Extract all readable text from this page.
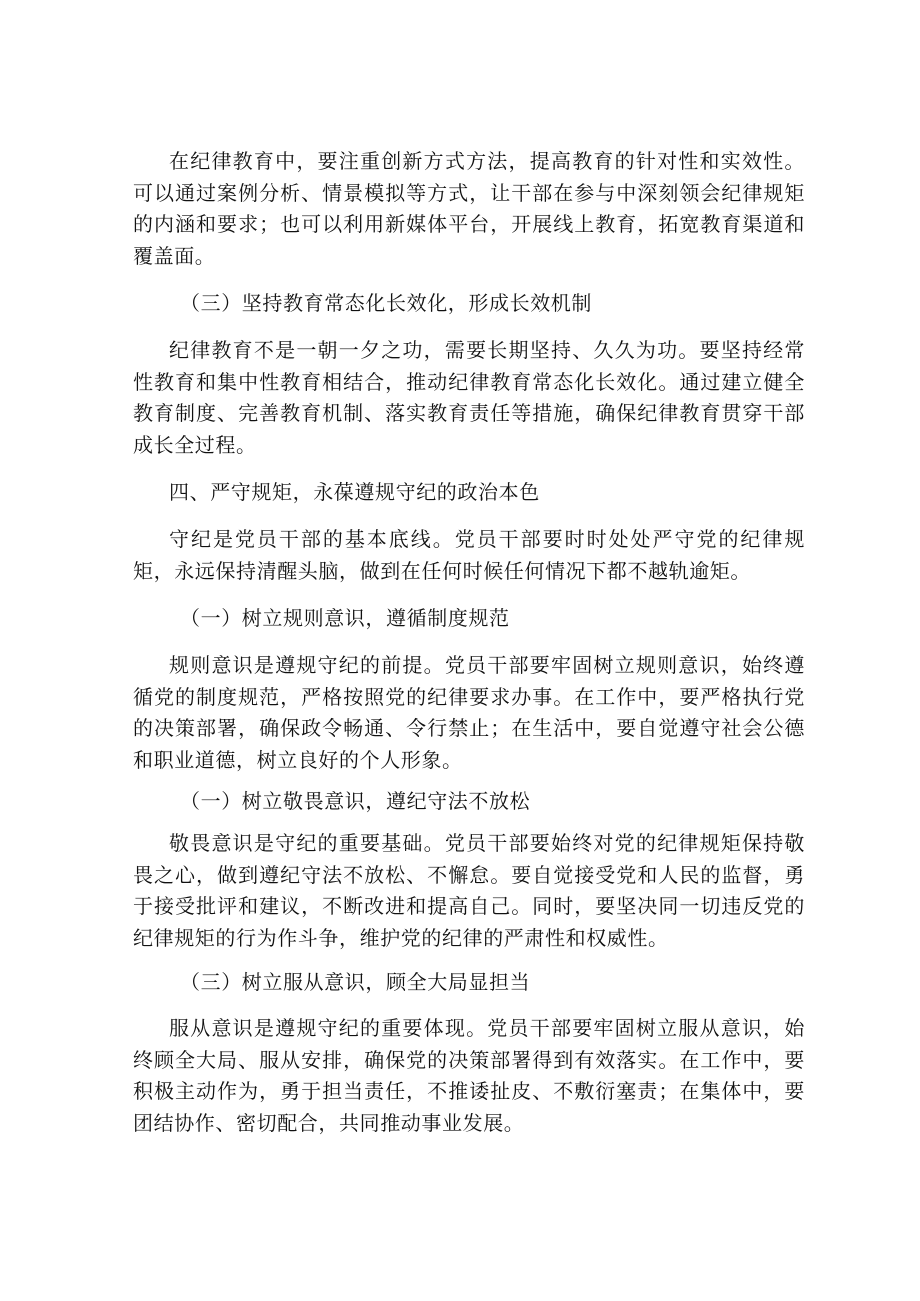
在纪律教育中，要注重创新方式方法，提高教育的针对性和实效性。可以通过案例分析、情景模拟等方式，让干部在参与中深刻领会纪律规矩的内涵和要求；也可以利用新媒体平台，开展线上教育，拓宽教育渠道和覆盖面。

（三）坚持教育常态化长效化，形成长效机制

纪律教育不是一朝一夕之功，需要长期坚持、久久为功。要坚持经常性教育和集中性教育相结合，推动纪律教育常态化长效化。通过建立健全教育制度、完善教育机制、落实教育责任等措施，确保纪律教育贯穿干部成长全过程。

四、严守规矩，永葆遵规守纪的政治本色

守纪是党员干部的基本底线。党员干部要时时处处严守党的纪律规矩，永远保持清醒头脑，做到在任何时候任何情况下都不越轨逾矩。

（一）树立规则意识，遵循制度规范

规则意识是遵规守纪的前提。党员干部要牢固树立规则意识，始终遵循党的制度规范，严格按照党的纪律要求办事。在工作中，要严格执行党的决策部署，确保政令畅通、令行禁止；在生活中，要自觉遵守社会公德和职业道德，树立良好的个人形象。

（一）树立敬畏意识，遵纪守法不放松

敬畏意识是守纪的重要基础。党员干部要始终对党的纪律规矩保持敬畏之心，做到遵纪守法不放松、不懈怠。要自觉接受党和人民的监督，勇于接受批评和建议，不断改进和提高自己。同时，要坚决同一切违反党的纪律规矩的行为作斗争，维护党的纪律的严肃性和权威性。

（三）树立服从意识，顾全大局显担当

服从意识是遵规守纪的重要体现。党员干部要牢固树立服从意识，始终顾全大局、服从安排，确保党的决策部署得到有效落实。在工作中，要积极主动作为，勇于担当责任，不推诿扯皮、不敷衍塞责；在集体中，要团结协作、密切配合，共同推动事业发展。
